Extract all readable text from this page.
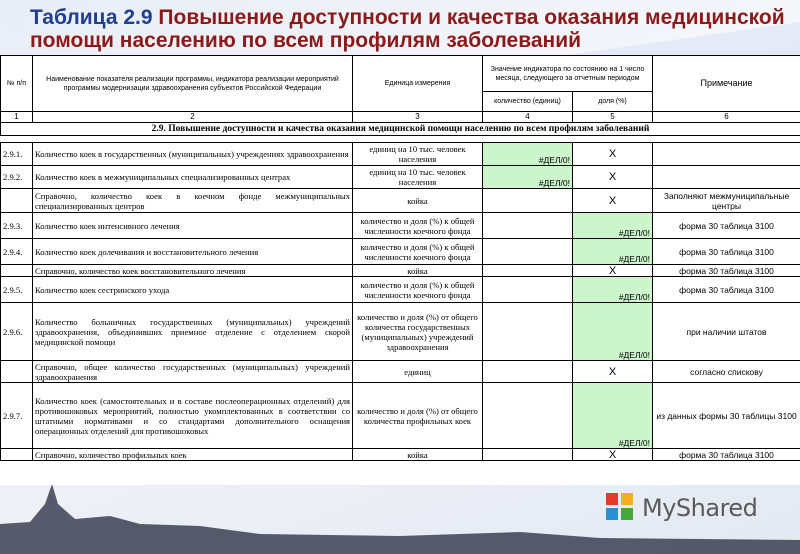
Таблица 2.9 Повышение доступности и качества оказания медицинской помощи населению по всем профилям заболеваний
№ п/п	Наименование показателя реализации программы, индикатора реализации мероприятий программы модернизации здравоохранения субъектов Российской Федерации	Единица измерения	Значение индикатора по состоянию на 1 число месяца, следующего за отчетным периодом		Примечание
			количество (единиц)	доля (%)	
1	2	3	4	5	6
2.9. Повышение доступности и качества оказания медицинской помощи населению по всем профилям заболеваний					

2.9.1.	Количество коек в государственных (муниципальных) учреждениях здравоохранения	единиц на 10 тыс. человек населения	#ДЕЛ/0!	X	
2.9.2.	Количество коек в межмуниципальных специализированных центрах	единиц на 10 тыс. человек населения	#ДЕЛ/0!	X	
	Справочно, количество коек в коечном фонде межмуниципальных специализированных центров	койка		X	Заполняют межмуниципальные центры
2.9.3.	Количество коек интенсивного лечения	количество и доля (%) к общей численности коечного фонда		#ДЕЛ/0!	форма 30 таблица 3100
2.9.4.	Количество коек долечивания и восстановительного лечения	количество и доля (%) к общей численности коечного фонда		#ДЕЛ/0!	форма 30 таблица 3100
	Справочно, количество коек восстановительного лечения	койка		X	форма 30 таблица 3100
2.9.5.	Количество коек сестринского ухода	количество и доля (%) к общей численности коечного фонда		#ДЕЛ/0!	форма 30 таблица 3100
2.9.6.	Количество больничных государственных (муниципальных) учреждений здравоохранения, объединивших приемное отделение с отделением скорой медицинской помощи	количество и доля (%) от общего количества государственных (муниципальных) учреждений здравоохранения		#ДЕЛ/0!	при наличии штатов
	Справочно, общее количество государственных (муниципальных) учреждений здравоохранения	единиц		X	согласно спискову
2.9.7.	Количество коек (самостоятельных и в составе послеоперационных отделений) для противошоковых мероприятий, полностью укомплектованных в соответствии со штатными нормативами и со стандартами дополнительного оснащения операционных отделений для противошоковых	количество и доля (%) от общего количества профильных коек		#ДЕЛ/0!	из данных формы 30 таблицы 3100
	Справочно, количество профильных коек	койка		X	форма 30 таблица 3100
MyShared
